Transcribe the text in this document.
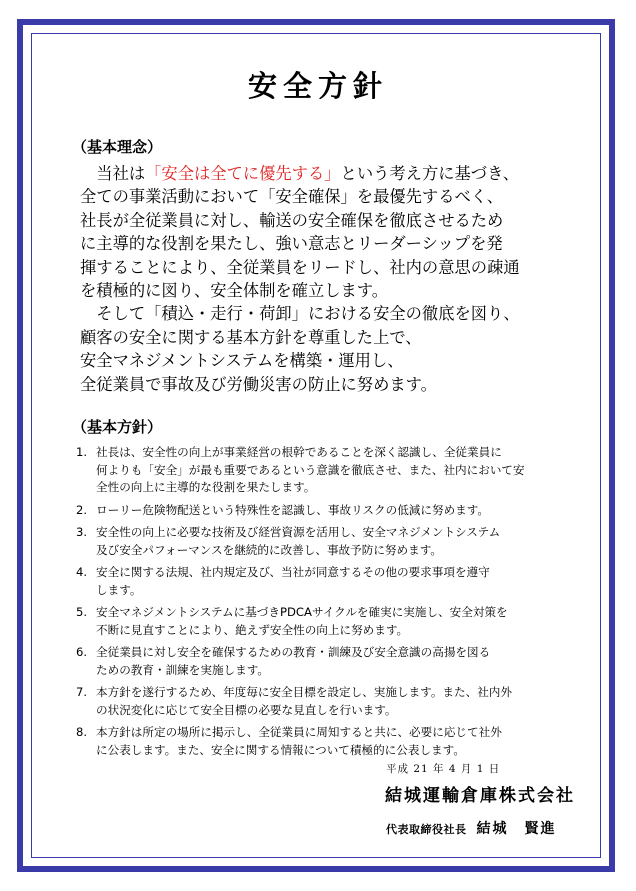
安全方針
（基本理念）
　当社は「安全は全てに優先する」という考え方に基づき、
全ての事業活動において「安全確保」を最優先するべく、
社長が全従業員に対し、輸送の安全確保を徹底させるため
に主導的な役割を果たし、強い意志とリーダーシップを発
揮することにより、全従業員をリードし、社内の意思の疎通
を積極的に図り、安全体制を確立します。
　そして「積込・走行・荷卸」における安全の徹底を図り、
顧客の安全に関する基本方針を尊重した上で、
安全マネジメントシステムを構築・運用し、
全従業員で事故及び労働災害の防止に努めます。
（基本方針）
1. 社長は、安全性の向上が事業経営の根幹であることを深く認識し、全従業員に
何よりも「安全」が最も重要であるという意識を徹底させ、また、社内において安
全性の向上に主導的な役割を果たします。
2. ローリー危険物配送という特殊性を認識し、事故リスクの低減に努めます。
3. 安全性の向上に必要な技術及び経営資源を活用し、安全マネジメントシステム
及び安全パフォーマンスを継続的に改善し、事故予防に努めます。
4. 安全に関する法規、社内規定及び、当社が同意するその他の要求事項を遵守
します。
5. 安全マネジメントシステムに基づきPDCAサイクルを確実に実施し、安全対策を
不断に見直すことにより、絶えず安全性の向上に努めます。
6. 全従業員に対し安全を確保するための教育・訓練及び安全意識の高揚を図る
ための教育・訓練を実施します。
7. 本方針を遂行するため、年度毎に安全目標を設定し、実施します。また、社内外
の状況変化に応じて安全目標の必要な見直しを行います。
8. 本方針は所定の場所に掲示し、全従業員に周知すると共に、必要に応じて社外
に公表します。また、安全に関する情報について積極的に公表します。
平成 21 年 4 月 1 日
結城運輸倉庫株式会社
代表取締役社長 結城　賢進
